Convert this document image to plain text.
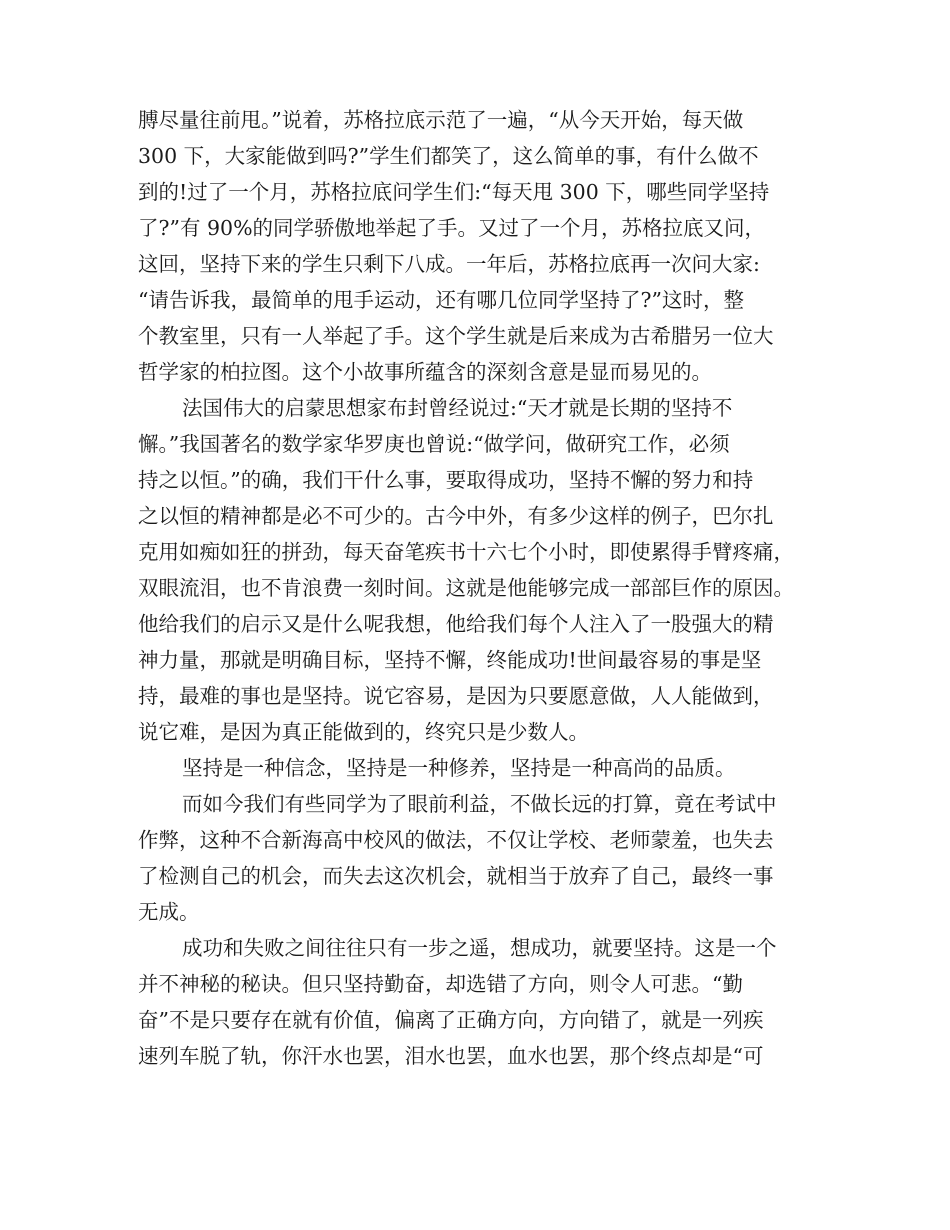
膊尽量往前甩。”说着，苏格拉底示范了一遍，“从今天开始，每天做
300 下，大家能做到吗?”学生们都笑了，这么简单的事，有什么做不
到的!过了一个月，苏格拉底问学生们:“每天甩 300 下，哪些同学坚持
了?”有 90%的同学骄傲地举起了手。又过了一个月，苏格拉底又问，
这回，坚持下来的学生只剩下八成。一年后，苏格拉底再一次问大家:
“请告诉我，最简单的甩手运动，还有哪几位同学坚持了?”这时，整
个教室里，只有一人举起了手。这个学生就是后来成为古希腊另一位大
哲学家的柏拉图。这个小故事所蕴含的深刻含意是显而易见的。
法国伟大的启蒙思想家布封曾经说过:“天才就是长期的坚持不
懈。”我国著名的数学家华罗庚也曾说:“做学问，做研究工作，必须
持之以恒。”的确，我们干什么事，要取得成功，坚持不懈的努力和持
之以恒的精神都是必不可少的。古今中外，有多少这样的例子，巴尔扎
克用如痴如狂的拼劲，每天奋笔疾书十六七个小时，即使累得手臂疼痛，
双眼流泪，也不肯浪费一刻时间。这就是他能够完成一部部巨作的原因。
他给我们的启示又是什么呢我想，他给我们每个人注入了一股强大的精
神力量，那就是明确目标，坚持不懈，终能成功!世间最容易的事是坚
持，最难的事也是坚持。说它容易，是因为只要愿意做，人人能做到，
说它难，是因为真正能做到的，终究只是少数人。
坚持是一种信念，坚持是一种修养，坚持是一种高尚的品质。
而如今我们有些同学为了眼前利益，不做长远的打算，竟在考试中
作弊，这种不合新海高中校风的做法，不仅让学校、老师蒙羞，也失去
了检测自己的机会，而失去这次机会，就相当于放弃了自己，最终一事
无成。
成功和失败之间往往只有一步之遥，想成功，就要坚持。这是一个
并不神秘的秘诀。但只坚持勤奋，却选错了方向，则令人可悲。“勤
奋”不是只要存在就有价值，偏离了正确方向，方向错了，就是一列疾
速列车脱了轨，你汗水也罢，泪水也罢，血水也罢，那个终点却是“可
